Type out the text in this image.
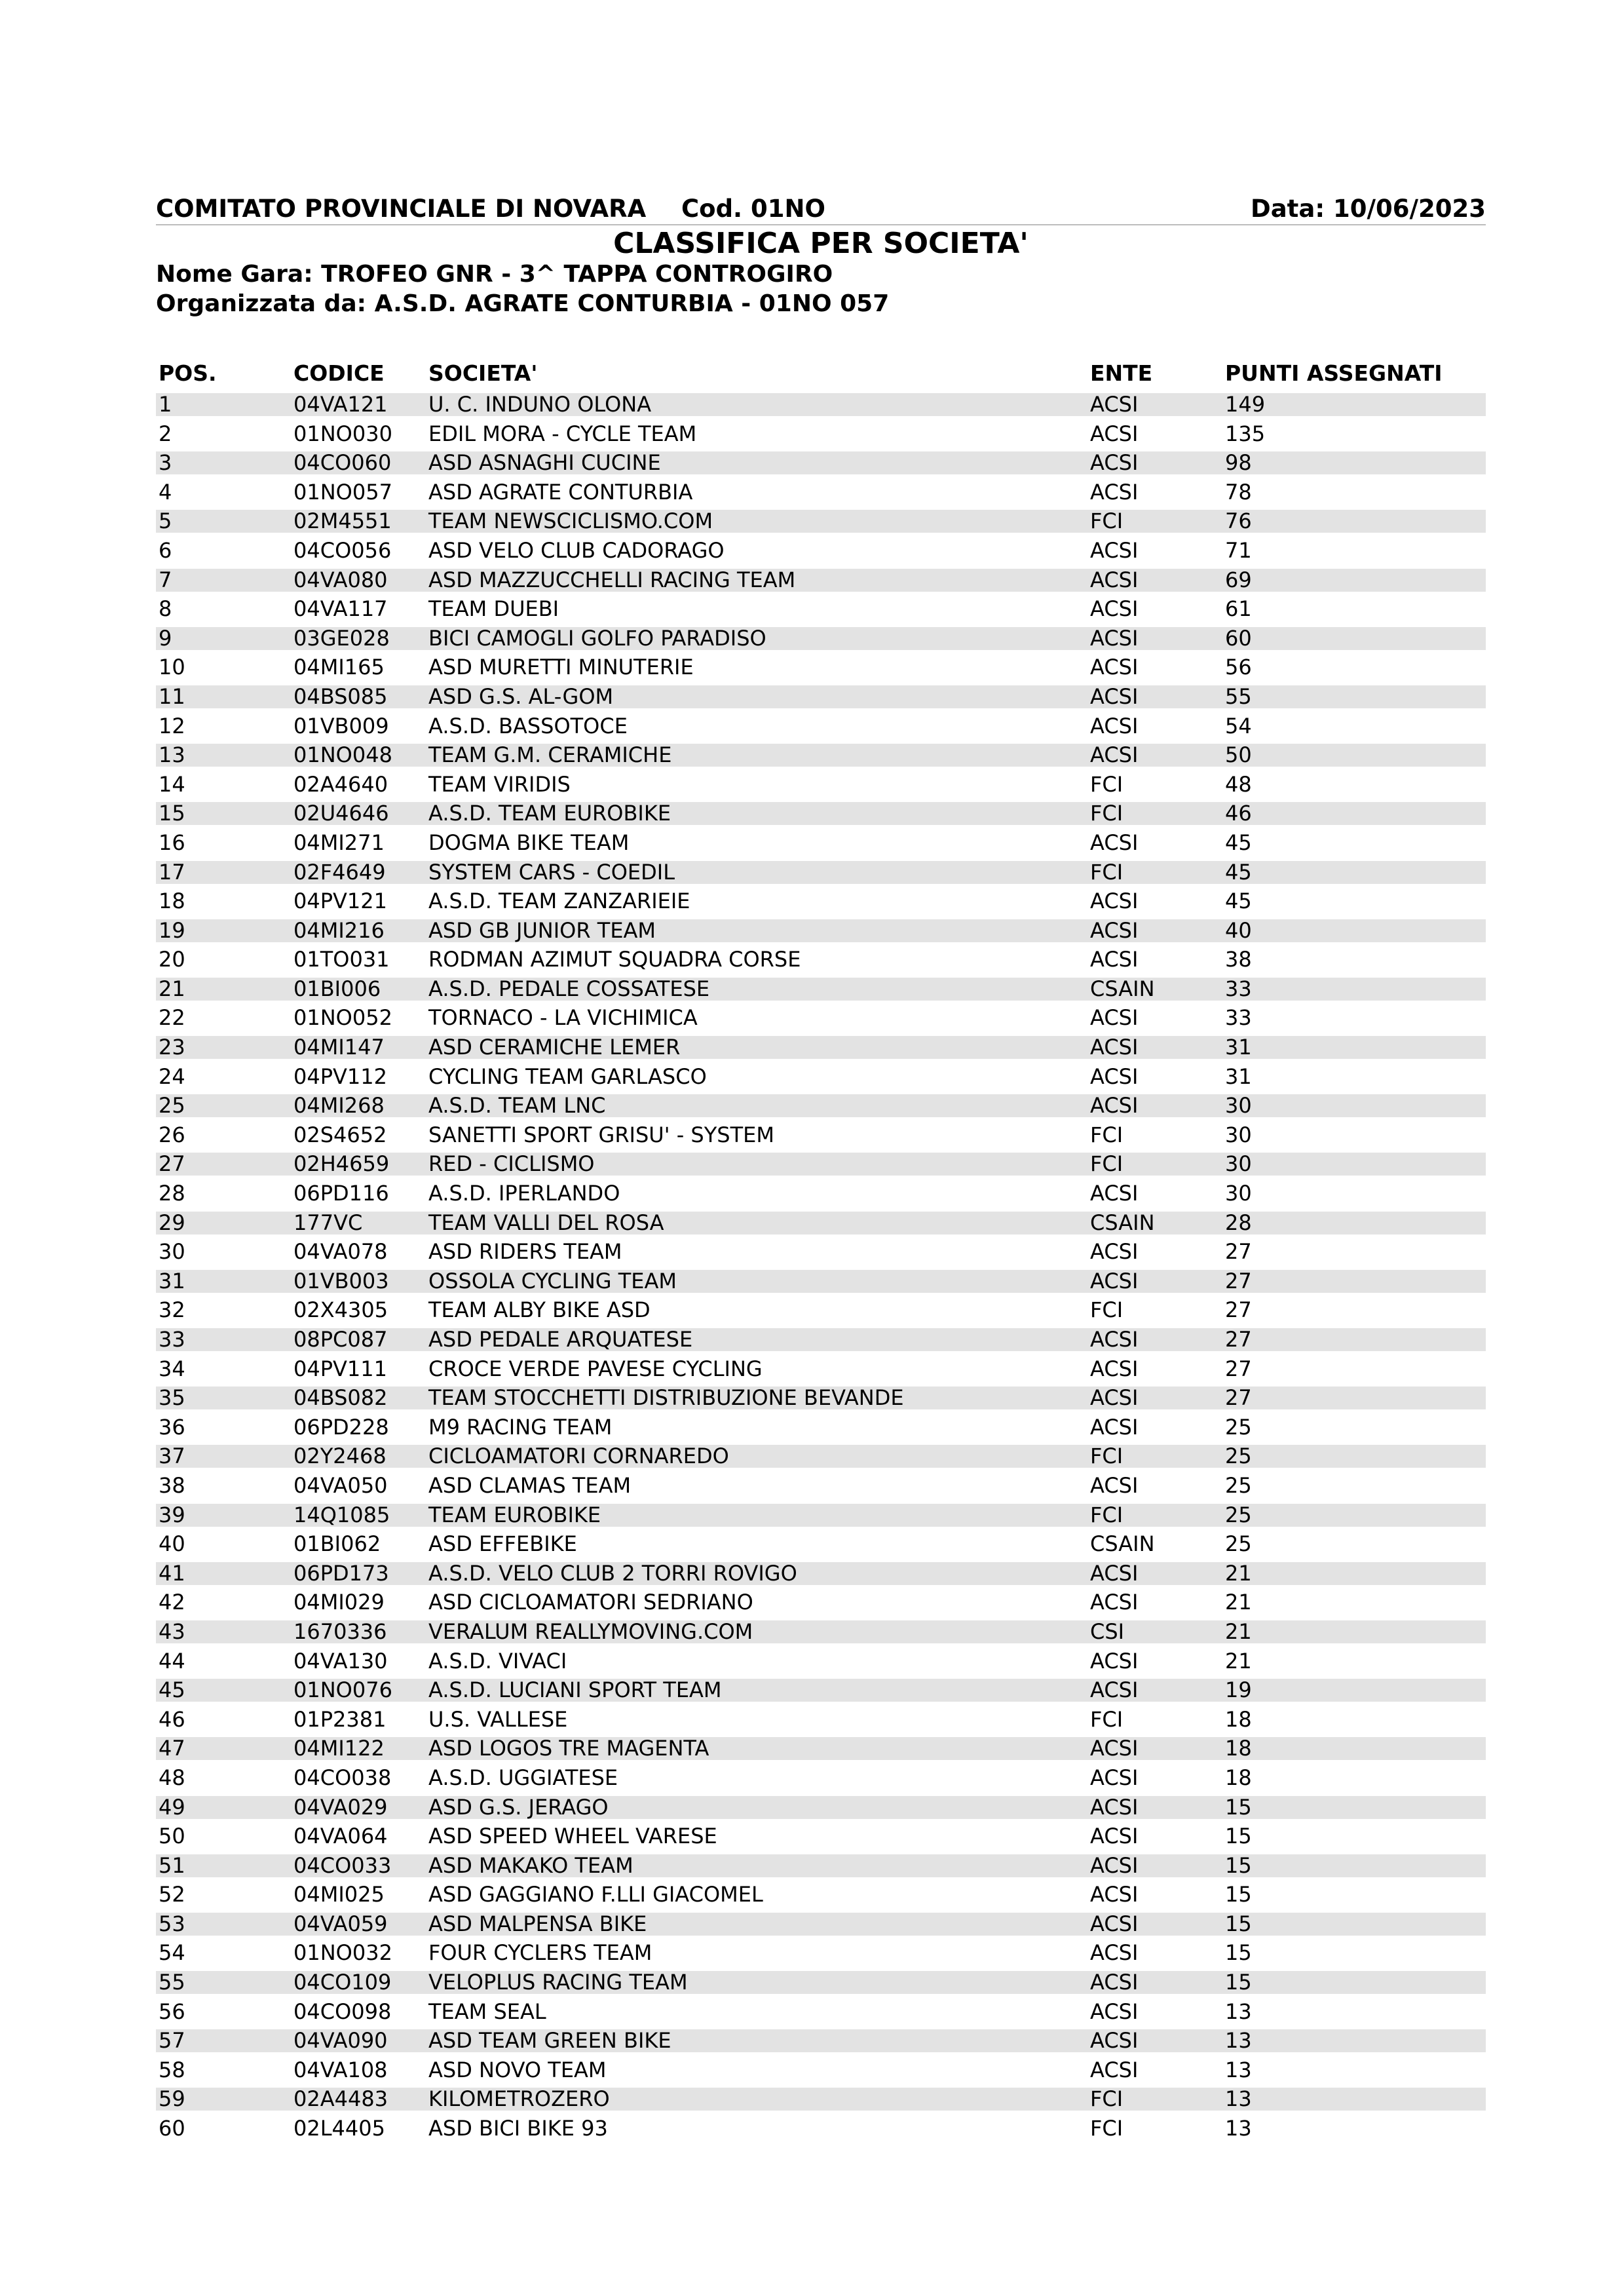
COMITATO PROVINCIALE DI NOVARA Cod. 01NO	Data: 10/06/2023
CLASSIFICA PER SOCIETA'
Nome Gara: TROFEO GNR - 3^ TAPPA CONTROGIRO
Organizzata da: A.S.D. AGRATE CONTURBIA - 01NO 057
POS.	CODICE SOCIETA'	ENTE	PUNTI ASSEGNATI
1	04VA121 U. C. INDUNO OLONA	ACSI	149
2	01NO030 EDIL MORA - CYCLE TEAM	ACSI	135
3	04CO060 ASD ASNAGHI CUCINE	ACSI	98
4	01NO057 ASD AGRATE CONTURBIA	ACSI	78
5	02M4551 TEAM NEWSCICLISMO.COM	FCI	76
6	04CO056 ASD VELO CLUB CADORAGO	ACSI	71
7	04VA080 ASD MAZZUCCHELLI RACING TEAM	ACSI	69
8	04VA117 TEAM DUEBI	ACSI	61
9	03GE028 BICI CAMOGLI GOLFO PARADISO	ACSI	60
10	04MI165 ASD MURETTI MINUTERIE	ACSI	56
11	04BS085 ASD G.S. AL-GOM	ACSI	55
12	01VB009 A.S.D. BASSOTOCE	ACSI	54
13	01NO048 TEAM G.M. CERAMICHE	ACSI	50
14	02A4640 TEAM VIRIDIS	FCI	48
15	02U4646 A.S.D. TEAM EUROBIKE	FCI	46
16	04MI271 DOGMA BIKE TEAM	ACSI	45
17	02F4649 SYSTEM CARS - COEDIL	FCI	45
18	04PV121 A.S.D. TEAM ZANZARIEIE	ACSI	45
19	04MI216 ASD GB JUNIOR TEAM	ACSI	40
20	01TO031 RODMAN AZIMUT SQUADRA CORSE	ACSI	38
21	01BI006 A.S.D. PEDALE COSSATESE	CSAIN	33
22	01NO052 TORNACO - LA VICHIMICA	ACSI	33
23	04MI147 ASD CERAMICHE LEMER	ACSI	31
24	04PV112 CYCLING TEAM GARLASCO	ACSI	31
25	04MI268 A.S.D. TEAM LNC	ACSI	30
26	02S4652 SANETTI SPORT GRISU' - SYSTEM	FCI	30
27	02H4659 RED - CICLISMO	FCI	30
28	06PD116 A.S.D. IPERLANDO	ACSI	30
29	177VC	TEAM VALLI DEL ROSA	CSAIN	28
30	04VA078 ASD RIDERS TEAM	ACSI	27
31	01VB003 OSSOLA CYCLING TEAM	ACSI	27
32	02X4305 TEAM ALBY BIKE ASD	FCI	27
33	08PC087 ASD PEDALE ARQUATESE	ACSI	27
34	04PV111 CROCE VERDE PAVESE CYCLING	ACSI	27
35	04BS082 TEAM STOCCHETTI DISTRIBUZIONE BEVANDE	ACSI	27
36	06PD228 M9 RACING TEAM	ACSI	25
37	02Y2468 CICLOAMATORI CORNAREDO	FCI	25
38	04VA050 ASD CLAMAS TEAM	ACSI	25
39	14Q1085 TEAM EUROBIKE	FCI	25
40	01BI062 ASD EFFEBIKE	CSAIN	25
41	06PD173 A.S.D. VELO CLUB 2 TORRI ROVIGO	ACSI	21
42	04MI029 ASD CICLOAMATORI SEDRIANO	ACSI	21
43	1670336 VERALUM REALLYMOVING.COM	CSI	21
44	04VA130 A.S.D. VIVACI	ACSI	21
45	01NO076 A.S.D. LUCIANI SPORT TEAM	ACSI	19
46	01P2381 U.S. VALLESE	FCI	18
47	04MI122 ASD LOGOS TRE MAGENTA	ACSI	18
48	04CO038 A.S.D. UGGIATESE	ACSI	18
49	04VA029 ASD G.S. JERAGO	ACSI	15
50	04VA064 ASD SPEED WHEEL VARESE	ACSI	15
51	04CO033 ASD MAKAKO TEAM	ACSI	15
52	04MI025 ASD GAGGIANO F.LLI GIACOMEL	ACSI	15
53	04VA059 ASD MALPENSA BIKE	ACSI	15
54	01NO032 FOUR CYCLERS TEAM	ACSI	15
55	04CO109 VELOPLUS RACING TEAM	ACSI	15
56	04CO098 TEAM SEAL	ACSI	13
57	04VA090 ASD TEAM GREEN BIKE	ACSI	13
58	04VA108 ASD NOVO TEAM	ACSI	13
59	02A4483 KILOMETROZERO	FCI	13
60	02L4405 ASD BICI BIKE 93	FCI	13
